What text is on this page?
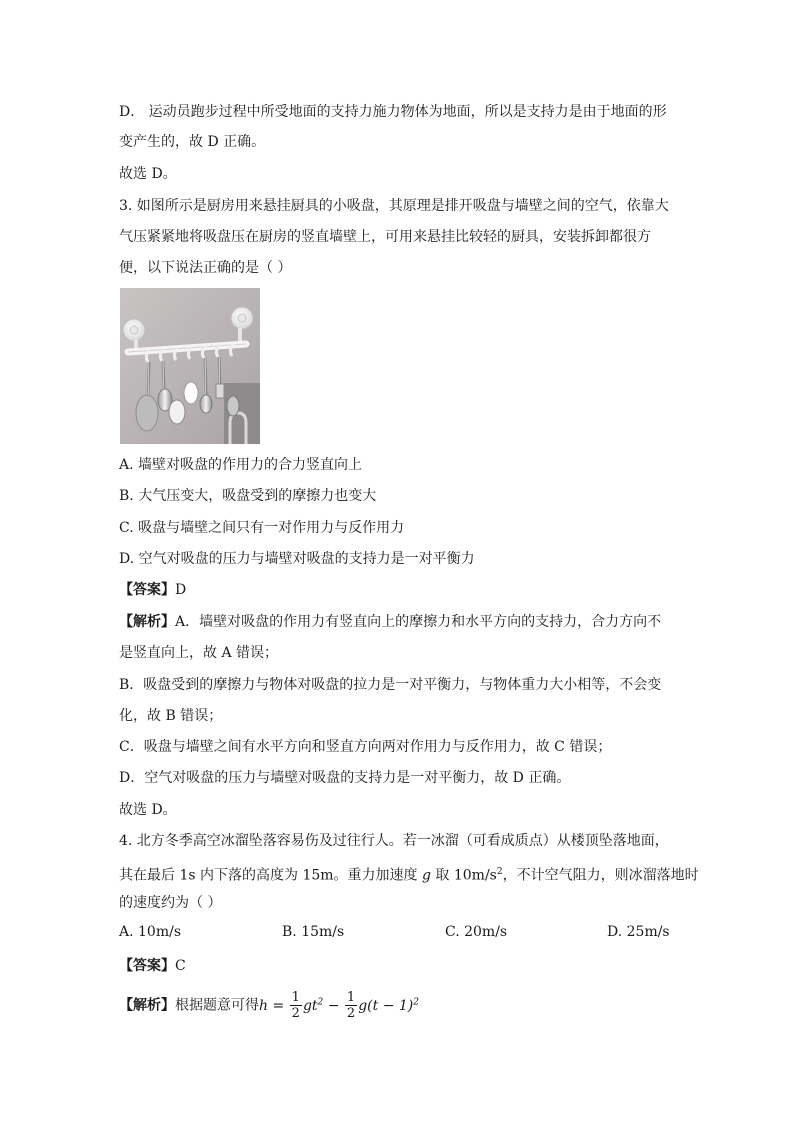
D． 运动员跑步过程中所受地面的支持力施力物体为地面，所以是支持力是由于地面的形
变产生的，故 D 正确。
故选 D。
3. 如图所示是厨房用来悬挂厨具的小吸盘，其原理是排开吸盘与墙壁之间的空气，依靠大
气压紧紧地将吸盘压在厨房的竖直墙壁上，可用来悬挂比较轻的厨具，安装拆卸都很方
便，以下说法正确的是（ ）
A. 墙壁对吸盘的作用力的合力竖直向上
B. 大气压变大，吸盘受到的摩擦力也变大
C. 吸盘与墙壁之间只有一对作用力与反作用力
D. 空气对吸盘的压力与墙壁对吸盘的支持力是一对平衡力
【答案】D
【解析】A．墙壁对吸盘的作用力有竖直向上的摩擦力和水平方向的支持力，合力方向不
是竖直向上，故 A 错误；
B．吸盘受到的摩擦力与物体对吸盘的拉力是一对平衡力，与物体重力大小相等，不会变
化，故 B 错误；
C．吸盘与墙壁之间有水平方向和竖直方向两对作用力与反作用力，故 C 错误；
D．空气对吸盘的压力与墙壁对吸盘的支持力是一对平衡力，故 D 正确。
故选 D。
4. 北方冬季高空冰溜坠落容易伤及过往行人。若一冰溜（可看成质点）从楼顶坠落地面，
其在最后 1s 内下落的高度为 15m。重力加速度 g 取 $10m/s^2$，不计空气阻力，则冰溜落地时
的速度约为（ ）
A. 10m/s	B. 15m/s	C. 20m/s	D. 25m/s
【答案】C
【解析】根据题意可得$h = \frac{1}{2} gt^2 - \frac{1}{2} g(t - 1)^2$
